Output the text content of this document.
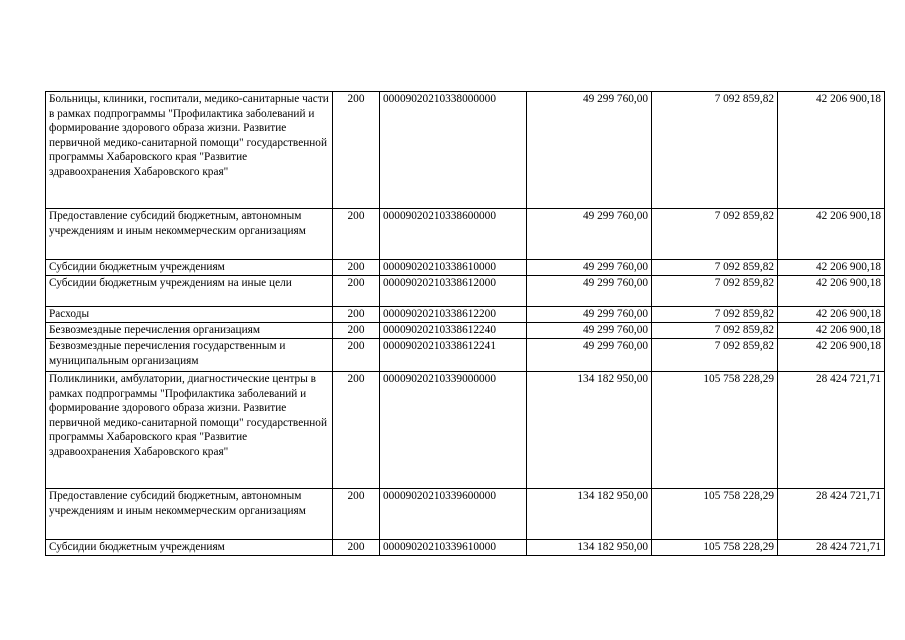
Больницы, клиники, госпитали, медико-санитарные части в рамках подпрограммы "Профилактика заболеваний и формирование здорового образа жизни. Развитие первичной медико-санитарной помощи" государственной программы Хабаровского края "Развитие здравоохранения Хабаровского края"	200	00009020210338000000	49 299 760,00	7 092 859,82	42 206 900,18
Предоставление субсидий бюджетным, автономным учреждениям и иным некоммерческим организациям	200	00009020210338600000	49 299 760,00	7 092 859,82	42 206 900,18
Субсидии бюджетным учреждениям	200	00009020210338610000	49 299 760,00	7 092 859,82	42 206 900,18
Субсидии бюджетным учреждениям на иные цели	200	00009020210338612000	49 299 760,00	7 092 859,82	42 206 900,18
Расходы	200	00009020210338612200	49 299 760,00	7 092 859,82	42 206 900,18
Безвозмездные перечисления организациям	200	00009020210338612240	49 299 760,00	7 092 859,82	42 206 900,18
Безвозмездные перечисления государственным и муниципальным организациям	200	00009020210338612241	49 299 760,00	7 092 859,82	42 206 900,18
Поликлиники, амбулатории, диагностические центры в рамках подпрограммы "Профилактика заболеваний и формирование здорового образа жизни. Развитие первичной медико-санитарной помощи" государственной программы Хабаровского края "Развитие здравоохранения Хабаровского края"	200	00009020210339000000	134 182 950,00	105 758 228,29	28 424 721,71
Предоставление субсидий бюджетным, автономным учреждениям и иным некоммерческим организациям	200	00009020210339600000	134 182 950,00	105 758 228,29	28 424 721,71
Субсидии бюджетным учреждениям	200	00009020210339610000	134 182 950,00	105 758 228,29	28 424 721,71
